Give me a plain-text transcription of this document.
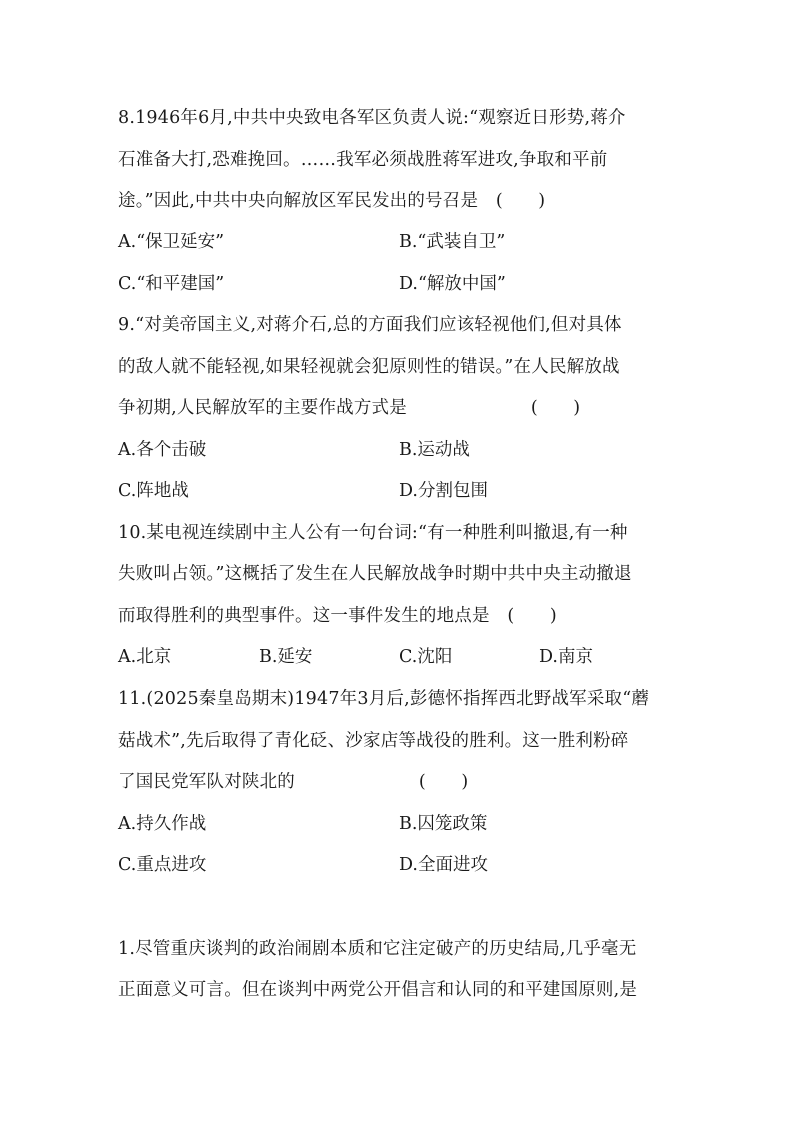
8.1946年6月,中共中央致电各军区负责人说:“观察近日形势,蒋介
石准备大打,恐难挽回。……我军必须战胜蒋军进攻,争取和平前
途。”因此,中共中央向解放区军民发出的号召是　(　　)
A.“保卫延安”	B.“武装自卫”
C.“和平建国”	D.“解放中国”
9.“对美帝国主义,对蒋介石,总的方面我们应该轻视他们,但对具体
的敌人就不能轻视,如果轻视就会犯原则性的错误。”在人民解放战
争初期,人民解放军的主要作战方式是　　　　　　　(　　)
A.各个击破	B.运动战
C.阵地战	D.分割包围
10.某电视连续剧中主人公有一句台词:“有一种胜利叫撤退,有一种
失败叫占领。”这概括了发生在人民解放战争时期中共中央主动撤退
而取得胜利的典型事件。这一事件发生的地点是　(　　)
A.北京	B.延安	C.沈阳	D.南京
11.(2025秦皇岛期末)1947年3月后,彭德怀指挥西北野战军采取“蘑
菇战术”,先后取得了青化砭、沙家店等战役的胜利。这一胜利粉碎
了国民党军队对陕北的　　　　　　　(　　)
A.持久作战	B.囚笼政策
C.重点进攻	D.全面进攻
1.尽管重庆谈判的政治闹剧本质和它注定破产的历史结局,几乎毫无
正面意义可言。但在谈判中两党公开倡言和认同的和平建国原则,是
